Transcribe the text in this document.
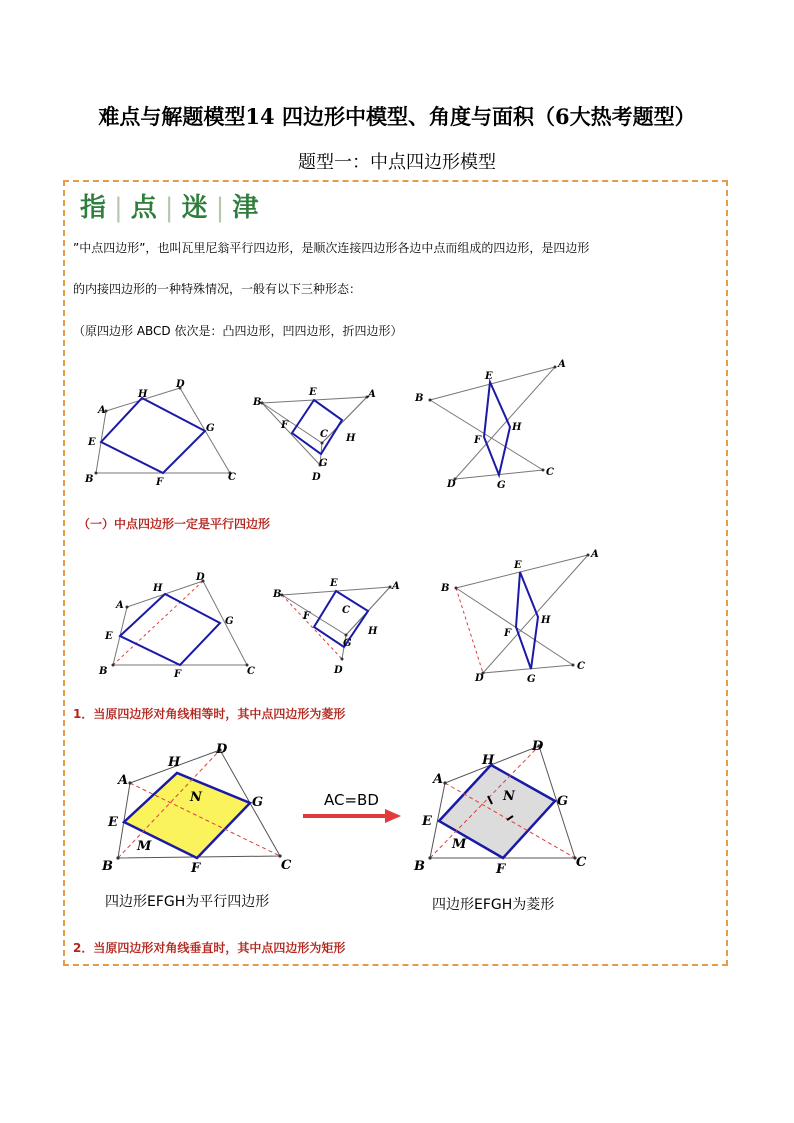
难点与解题模型14 四边形中模型、角度与面积（6大热考题型）
题型一：中点四边形模型
指 | 点 | 迷 | 津
”中点四边形”，也叫瓦里尼翁平行四边形，是顺次连接四边形各边中点而组成的四边形，是四边形
的内接四边形的一种特殊情况，一般有以下三种形态：
（原四边形 ABCD 依次是：凸四边形，凹四边形，折四边形）
（一）中点四边形一定是平行四边形
1．当原四边形对角线相等时，其中点四边形为菱形
2．当原四边形对角线垂直时，其中点四边形为矩形
A
B	C
D
E
F
G
H	A
B
C
D
E
F
G
H
A
B
C
D
E
F
G
H
A
B	C
D
E
F
G
H	A
B
C
D
E
F
G
H
A
B
C
D
E
F
G
H
A
B	C
D
E
F
G
H
M
N
四边形EFGH为平行四边形
AC=BD
A
B	C
D
E
F
G
H
M
N
四边形EFGH为菱形
